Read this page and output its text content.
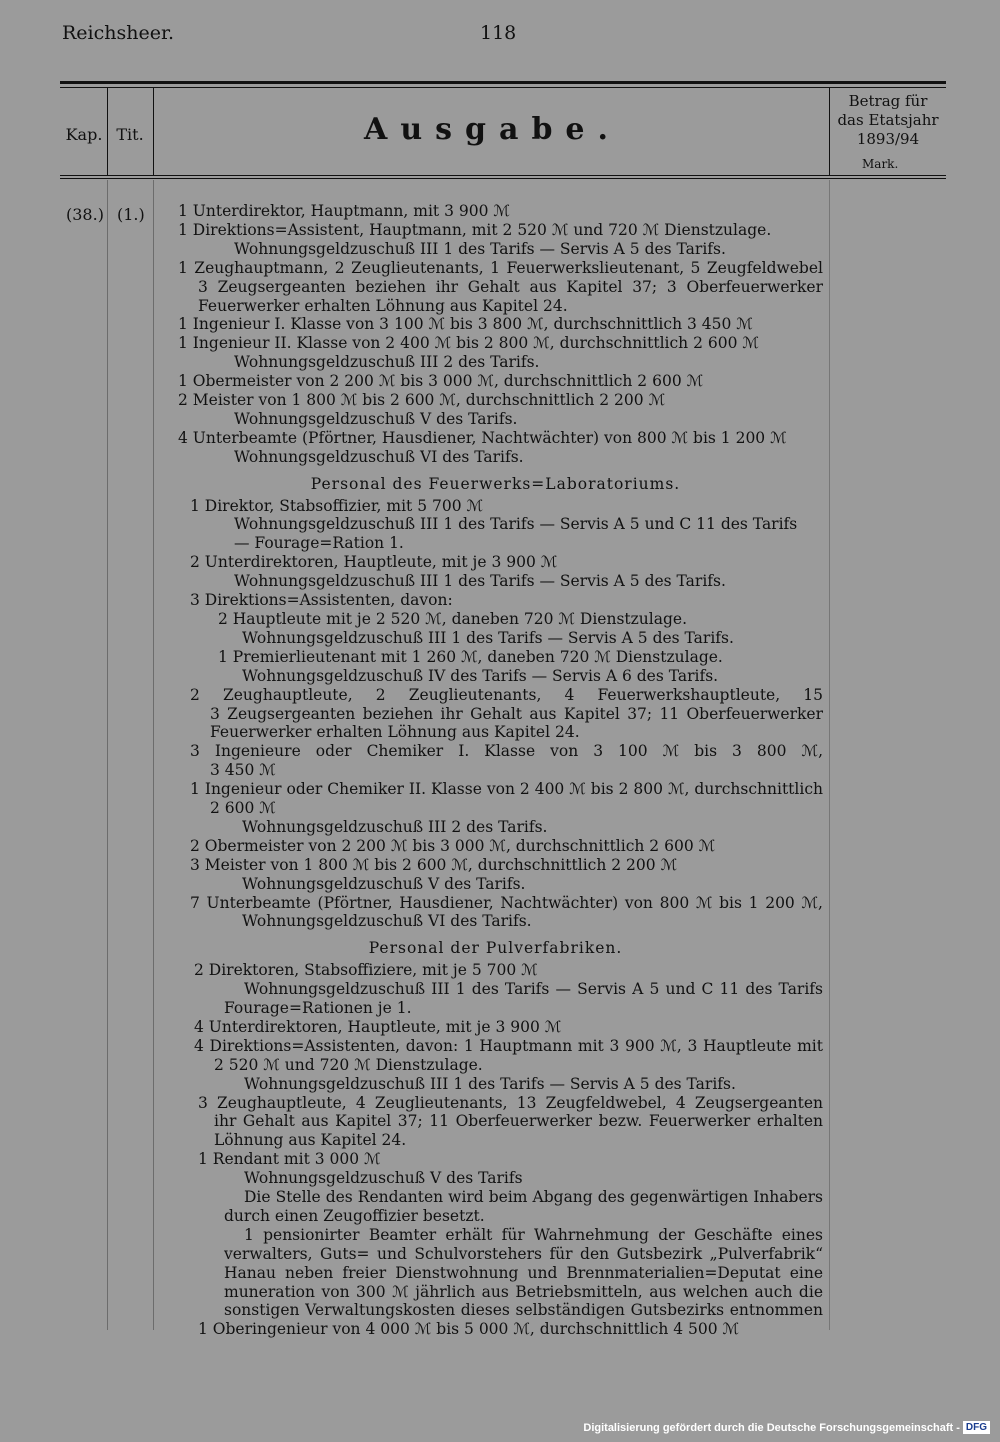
Reichsheer.	118
Kap. Tit.	Ausgabe.
Betrag für
das Etatsjahr
1893/94
Mark.
(38.) (1.)	1 Unterdirektor, Hauptmann, mit 3 900 ℳ
1 Direktions=Assistent, Hauptmann, mit 2 520 ℳ und 720 ℳ Dienstzulage.
Wohnungsgeldzuschuß III 1 des Tarifs — Servis A 5 des Tarifs.
1 Zeughauptmann, 2 Zeuglieutenants, 1 Feuerwerkslieutenant, 5 Zeugfeldwebel
3 Zeugsergeanten beziehen ihr Gehalt aus Kapitel 37; 3 Oberfeuerwerker
Feuerwerker erhalten Löhnung aus Kapitel 24.
1 Ingenieur I. Klasse von 3 100 ℳ bis 3 800 ℳ, durchschnittlich 3 450 ℳ
1 Ingenieur II. Klasse von 2 400 ℳ bis 2 800 ℳ, durchschnittlich 2 600 ℳ
Wohnungsgeldzuschuß III 2 des Tarifs.
1 Obermeister von 2 200 ℳ bis 3 000 ℳ, durchschnittlich 2 600 ℳ
2 Meister von 1 800 ℳ bis 2 600 ℳ, durchschnittlich 2 200 ℳ
Wohnungsgeldzuschuß V des Tarifs.
4 Unterbeamte (Pförtner, Hausdiener, Nachtwächter) von 800 ℳ bis 1 200 ℳ
Wohnungsgeldzuschuß VI des Tarifs.
Personal des Feuerwerks=Laboratoriums.
1 Direktor, Stabsoffizier, mit 5 700 ℳ
Wohnungsgeldzuschuß III 1 des Tarifs — Servis A 5 und C 11 des Tarifs
— Fourage=Ration 1.
2 Unterdirektoren, Hauptleute, mit je 3 900 ℳ
Wohnungsgeldzuschuß III 1 des Tarifs — Servis A 5 des Tarifs.
3 Direktions=Assistenten, davon:
2 Hauptleute mit je 2 520 ℳ, daneben 720 ℳ Dienstzulage.
Wohnungsgeldzuschuß III 1 des Tarifs — Servis A 5 des Tarifs.
1 Premierlieutenant mit 1 260 ℳ, daneben 720 ℳ Dienstzulage.
Wohnungsgeldzuschuß IV des Tarifs — Servis A 6 des Tarifs.
2 Zeughauptleute, 2 Zeuglieutenants, 4 Feuerwerkshauptleute, 15
3 Zeugsergeanten beziehen ihr Gehalt aus Kapitel 37; 11 Oberfeuerwerker
Feuerwerker erhalten Löhnung aus Kapitel 24.
3 Ingenieure oder Chemiker I. Klasse von 3 100 ℳ bis 3 800 ℳ,
3 450 ℳ
1 Ingenieur oder Chemiker II. Klasse von 2 400 ℳ bis 2 800 ℳ, durchschnittlich
2 600 ℳ
Wohnungsgeldzuschuß III 2 des Tarifs.
2 Obermeister von 2 200 ℳ bis 3 000 ℳ, durchschnittlich 2 600 ℳ
3 Meister von 1 800 ℳ bis 2 600 ℳ, durchschnittlich 2 200 ℳ
Wohnungsgeldzuschuß V des Tarifs.
7 Unterbeamte (Pförtner, Hausdiener, Nachtwächter) von 800 ℳ bis 1 200 ℳ,
Wohnungsgeldzuschuß VI des Tarifs.
Personal der Pulverfabriken.
2 Direktoren, Stabsoffiziere, mit je 5 700 ℳ
Wohnungsgeldzuschuß III 1 des Tarifs — Servis A 5 und C 11 des Tarifs
Fourage=Rationen je 1.
4 Unterdirektoren, Hauptleute, mit je 3 900 ℳ
4 Direktions=Assistenten, davon: 1 Hauptmann mit 3 900 ℳ, 3 Hauptleute mit
2 520 ℳ und 720 ℳ Dienstzulage.
Wohnungsgeldzuschuß III 1 des Tarifs — Servis A 5 des Tarifs.
3 Zeughauptleute, 4 Zeuglieutenants, 13 Zeugfeldwebel, 4 Zeugsergeanten
ihr Gehalt aus Kapitel 37; 11 Oberfeuerwerker bezw. Feuerwerker erhalten
Löhnung aus Kapitel 24.
1 Rendant mit 3 000 ℳ
Wohnungsgeldzuschuß V des Tarifs
Die Stelle des Rendanten wird beim Abgang des gegenwärtigen Inhabers
durch einen Zeugoffizier besetzt.
1 pensionirter Beamter erhält für Wahrnehmung der Geschäfte eines
verwalters, Guts= und Schulvorstehers für den Gutsbezirk „Pulverfabrik“
Hanau neben freier Dienstwohnung und Brennmaterialien=Deputat eine
muneration von 300 ℳ jährlich aus Betriebsmitteln, aus welchen auch die
sonstigen Verwaltungskosten dieses selbständigen Gutsbezirks entnommen
1 Oberingenieur von 4 000 ℳ bis 5 000 ℳ, durchschnittlich 4 500 ℳ
Digitalisierung gefördert durch die Deutsche Forschungsgemeinschaft - DFG
